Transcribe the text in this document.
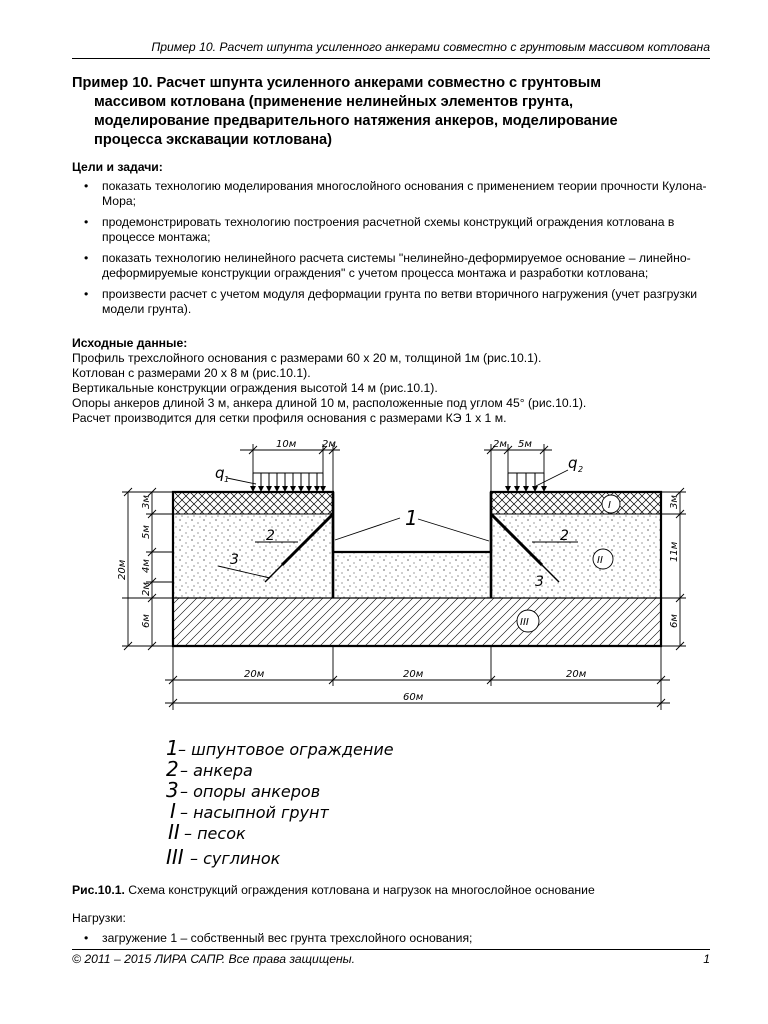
Пример 10. Расчет шпунта усиленного анкерами совместно с грунтовым массивом котлована
Пример 10. Расчет шпунта усиленного анкерами совместно с грунтовым
массивом котлована (применение нелинейных элементов грунта,
моделирование предварительного натяжения анкеров, моделирование
процесса экскавации котлована)
Цели и задачи:
• показать технологию моделирования многослойного основания с применением теории прочности Кулона-Мора;
• продемонстрировать технологию построения расчетной схемы конструкций ограждения котлована в процессе монтажа;
• показать технологию нелинейного расчета системы "нелинейно-деформируемое основание – линейно-деформируемые конструкции ограждения" с учетом процесса монтажа и разработки котлована;
• произвести расчет с учетом модуля деформации грунта по ветви вторичного нагружения (учет разгрузки модели грунта).
Исходные данные:
Профиль трехслойного основания с размерами 60 х 20 м, толщиной 1м (рис.10.1).
Котлован с размерами 20 х 8 м (рис.10.1).
Вертикальные конструкции ограждения высотой 14 м (рис.10.1).
Опоры анкеров длиной 3 м, анкера длиной 10 м, расположенные под углом 45° (рис.10.1).
Расчет производится для сетки профиля основания с размерами КЭ 1 х 1 м.
10м	2м	2м 5м
3м
5м
4м
2м
6м
20м
3м
11м
6м
20м	20м	20м
60м
q 1
q 2
1
2
3
2
3
I
II
III
1 – шпунтовое ограждение
2 – анкера
3 – опоры анкеров
I – насыпной грунт
II – песок
III – суглинок
Рис.10.1. Схема конструкций ограждения котлована и нагрузок на многослойное основание
Нагрузки:
• загружение 1 – собственный вес грунта трехслойного основания;
© 2011 – 2015 ЛИРА САПР. Все права защищены.	1
